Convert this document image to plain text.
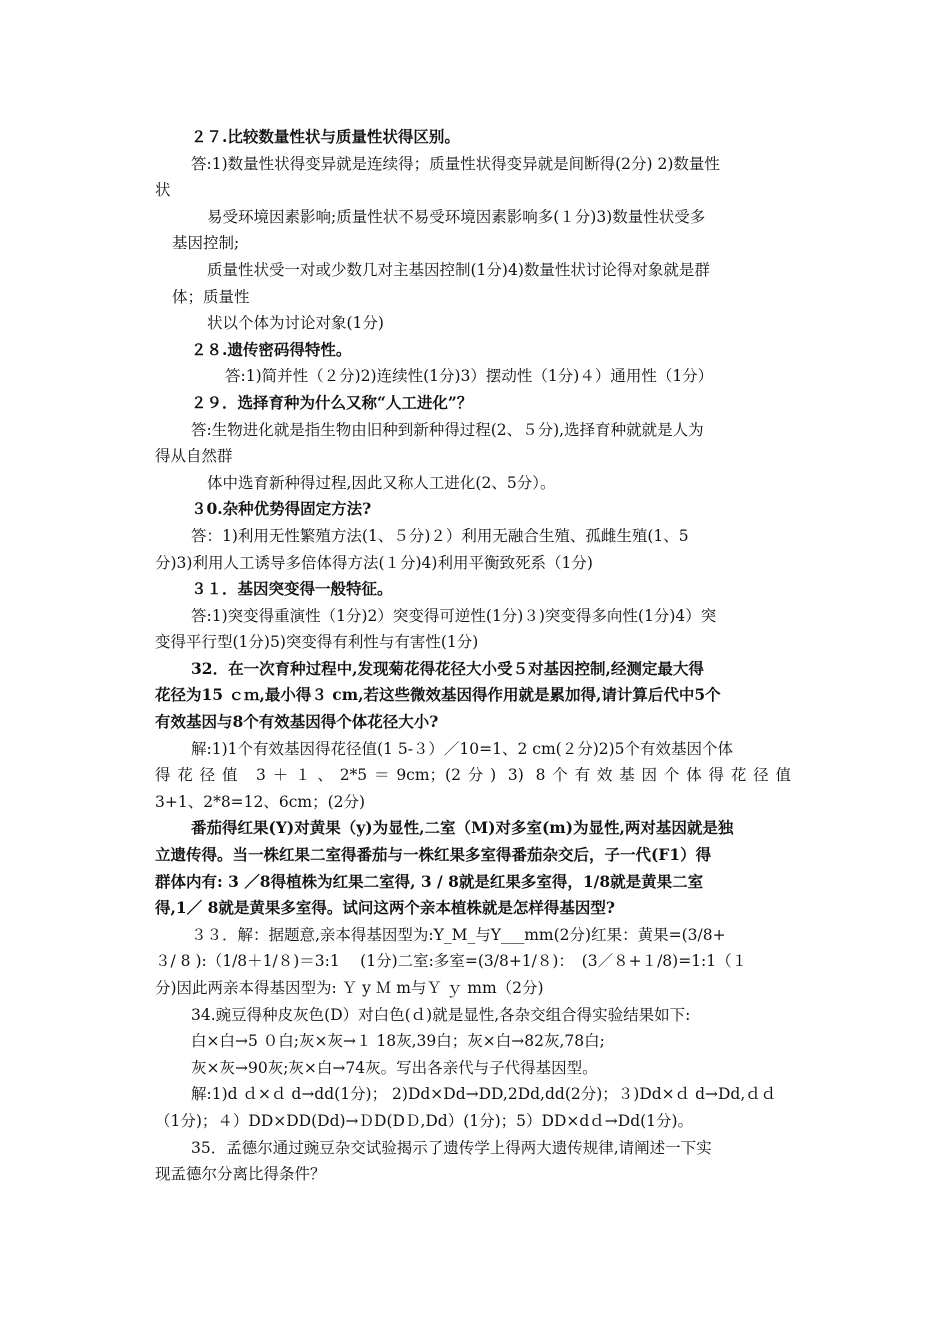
２７.比较数量性状与质量性状得区别。

答:1)数量性状得变异就是连续得；质量性状得变异就是间断得(2分) 2)数量性

状

易受环境因素影响;质量性状不易受环境因素影响多(１分)3)数量性状受多

基因控制;

质量性状受一对或少数几对主基因控制(1分)4)数量性状讨论得对象就是群

体；质量性

状以个体为讨论对象(1分)

２８.遗传密码得特性。

答:1)简并性（２分)2)连续性(1分)3）摆动性（1分)４）通用性（1分）

２９．选择育种为什么又称“人工进化”？

答:生物进化就是指生物由旧种到新种得过程(2、５分),选择育种就就是人为

得从自然群

体中选育新种得过程,因此又称人工进化(2、5分）。

３0.杂种优势得固定方法?

答：1)利用无性繁殖方法(1、５分)２）利用无融合生殖、孤雌生殖(1、5

分)3)利用人工诱导多倍体得方法(１分)4)利用平衡致死系（1分)

３１．基因突变得一般特征。

答:1)突变得重演性（1分)2）突变得可逆性(1分)３)突变得多向性(1分)4）突

变得平行型(1分)5)突变得有利性与有害性(1分)

32．在一次育种过程中,发现菊花得花径大小受５对基因控制,经测定最大得

花径为15 ｃｍ,最小得３ cm,若这些微效基因得作用就是累加得,请计算后代中5个

有效基因与8个有效基因得个体花径大小?

解:1)1个有效基因得花径值(1 5-３）／10=1、2 cm(２分)2)5个有效基因个体

得花径值 3＋１、2*5＝9cm；(2分) 3) 8个有效基因个体得花径值

3+1、2*8=12、6cm；(2分)

番茄得红果(Y)对黄果（y)为显性,二室（M)对多室(m)为显性,两对基因就是独

立遗传得。当一株红果二室得番茄与一株红果多室得番茄杂交后，子一代(F1）得

群体内有: 3 ／8得植株为红果二室得, 3 / 8就是红果多室得，1/8就是黄果二室

得,1／ 8就是黄果多室得。试问这两个亲本植株就是怎样得基因型?

３３．解：据题意,亲本得基因型为:Y_M_与Y___mm(2分)红果：黄果=(3/8+

３/ 8 ):（1/8＋1/８)＝3:1　 (1分)二室:多室=(3/8+1/８)：　(3／８+１/8)=1:1（１

分)因此两亲本得基因型为: Ｙ y Ｍ m与Ｙ ｙ mm（2分)

34.豌豆得种皮灰色(D）对白色(ｄ)就是显性,各杂交组合得实验结果如下:

白×白→5 ０白;灰×灰→１ 18灰,39白；灰×白→82灰,78白;

灰×灰→90灰;灰×白→74灰。写出各亲代与子代得基因型。

解:1)d ｄ×ｄ d→dd(1分)； 2)Dd×Dd→DD,2Dd,dd(2分)；３)Dd×ｄ d→Dd,ｄｄ

（1分)；４）DD×DD(Dd)→ＤD(DＤ,Dd）(1分)；5）DD×dｄ→Dd(1分)。

35．孟德尔通过豌豆杂交试验揭示了遗传学上得两大遗传规律,请阐述一下实

现孟德尔分离比得条件？
